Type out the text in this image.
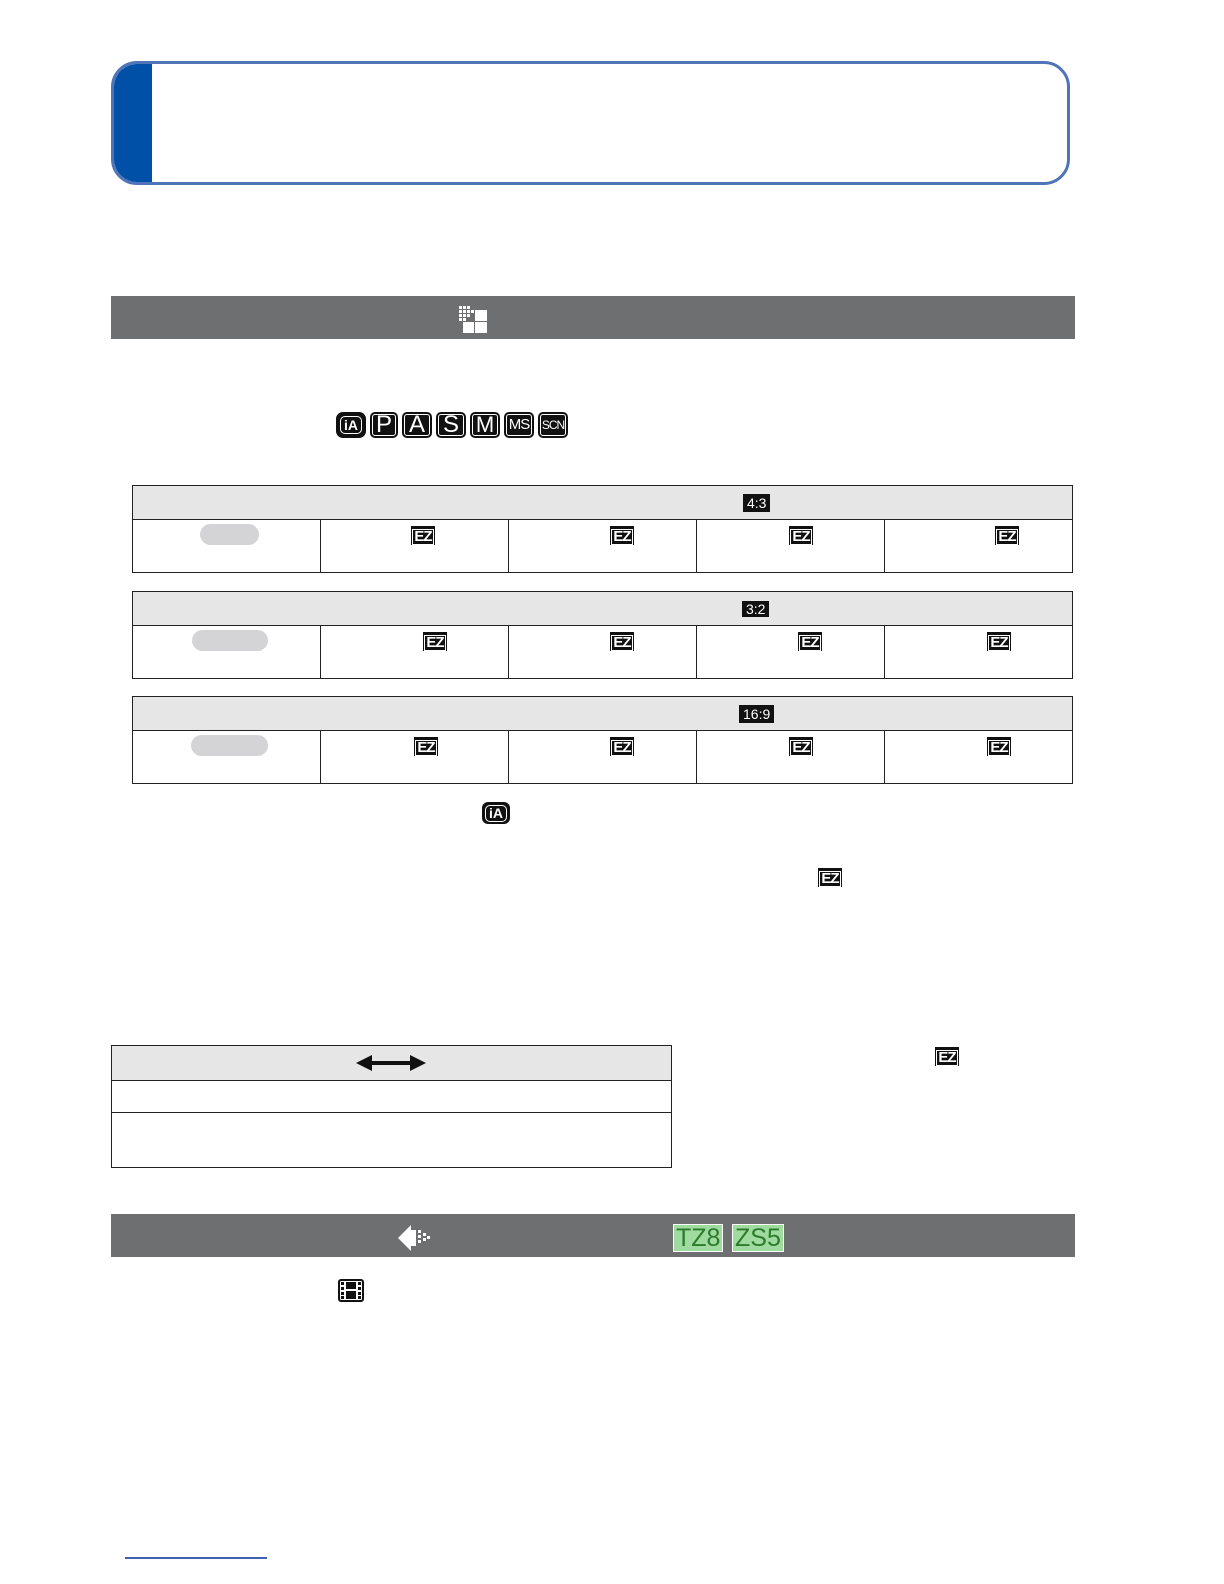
iA P A S M MS SCN
4:3
EZ	EZ	EZ	EZ
3:2
EZ	EZ	EZ	EZ
16:9
EZ	EZ	EZ	EZ
iA
EZ
EZ
TZ8 ZS5
